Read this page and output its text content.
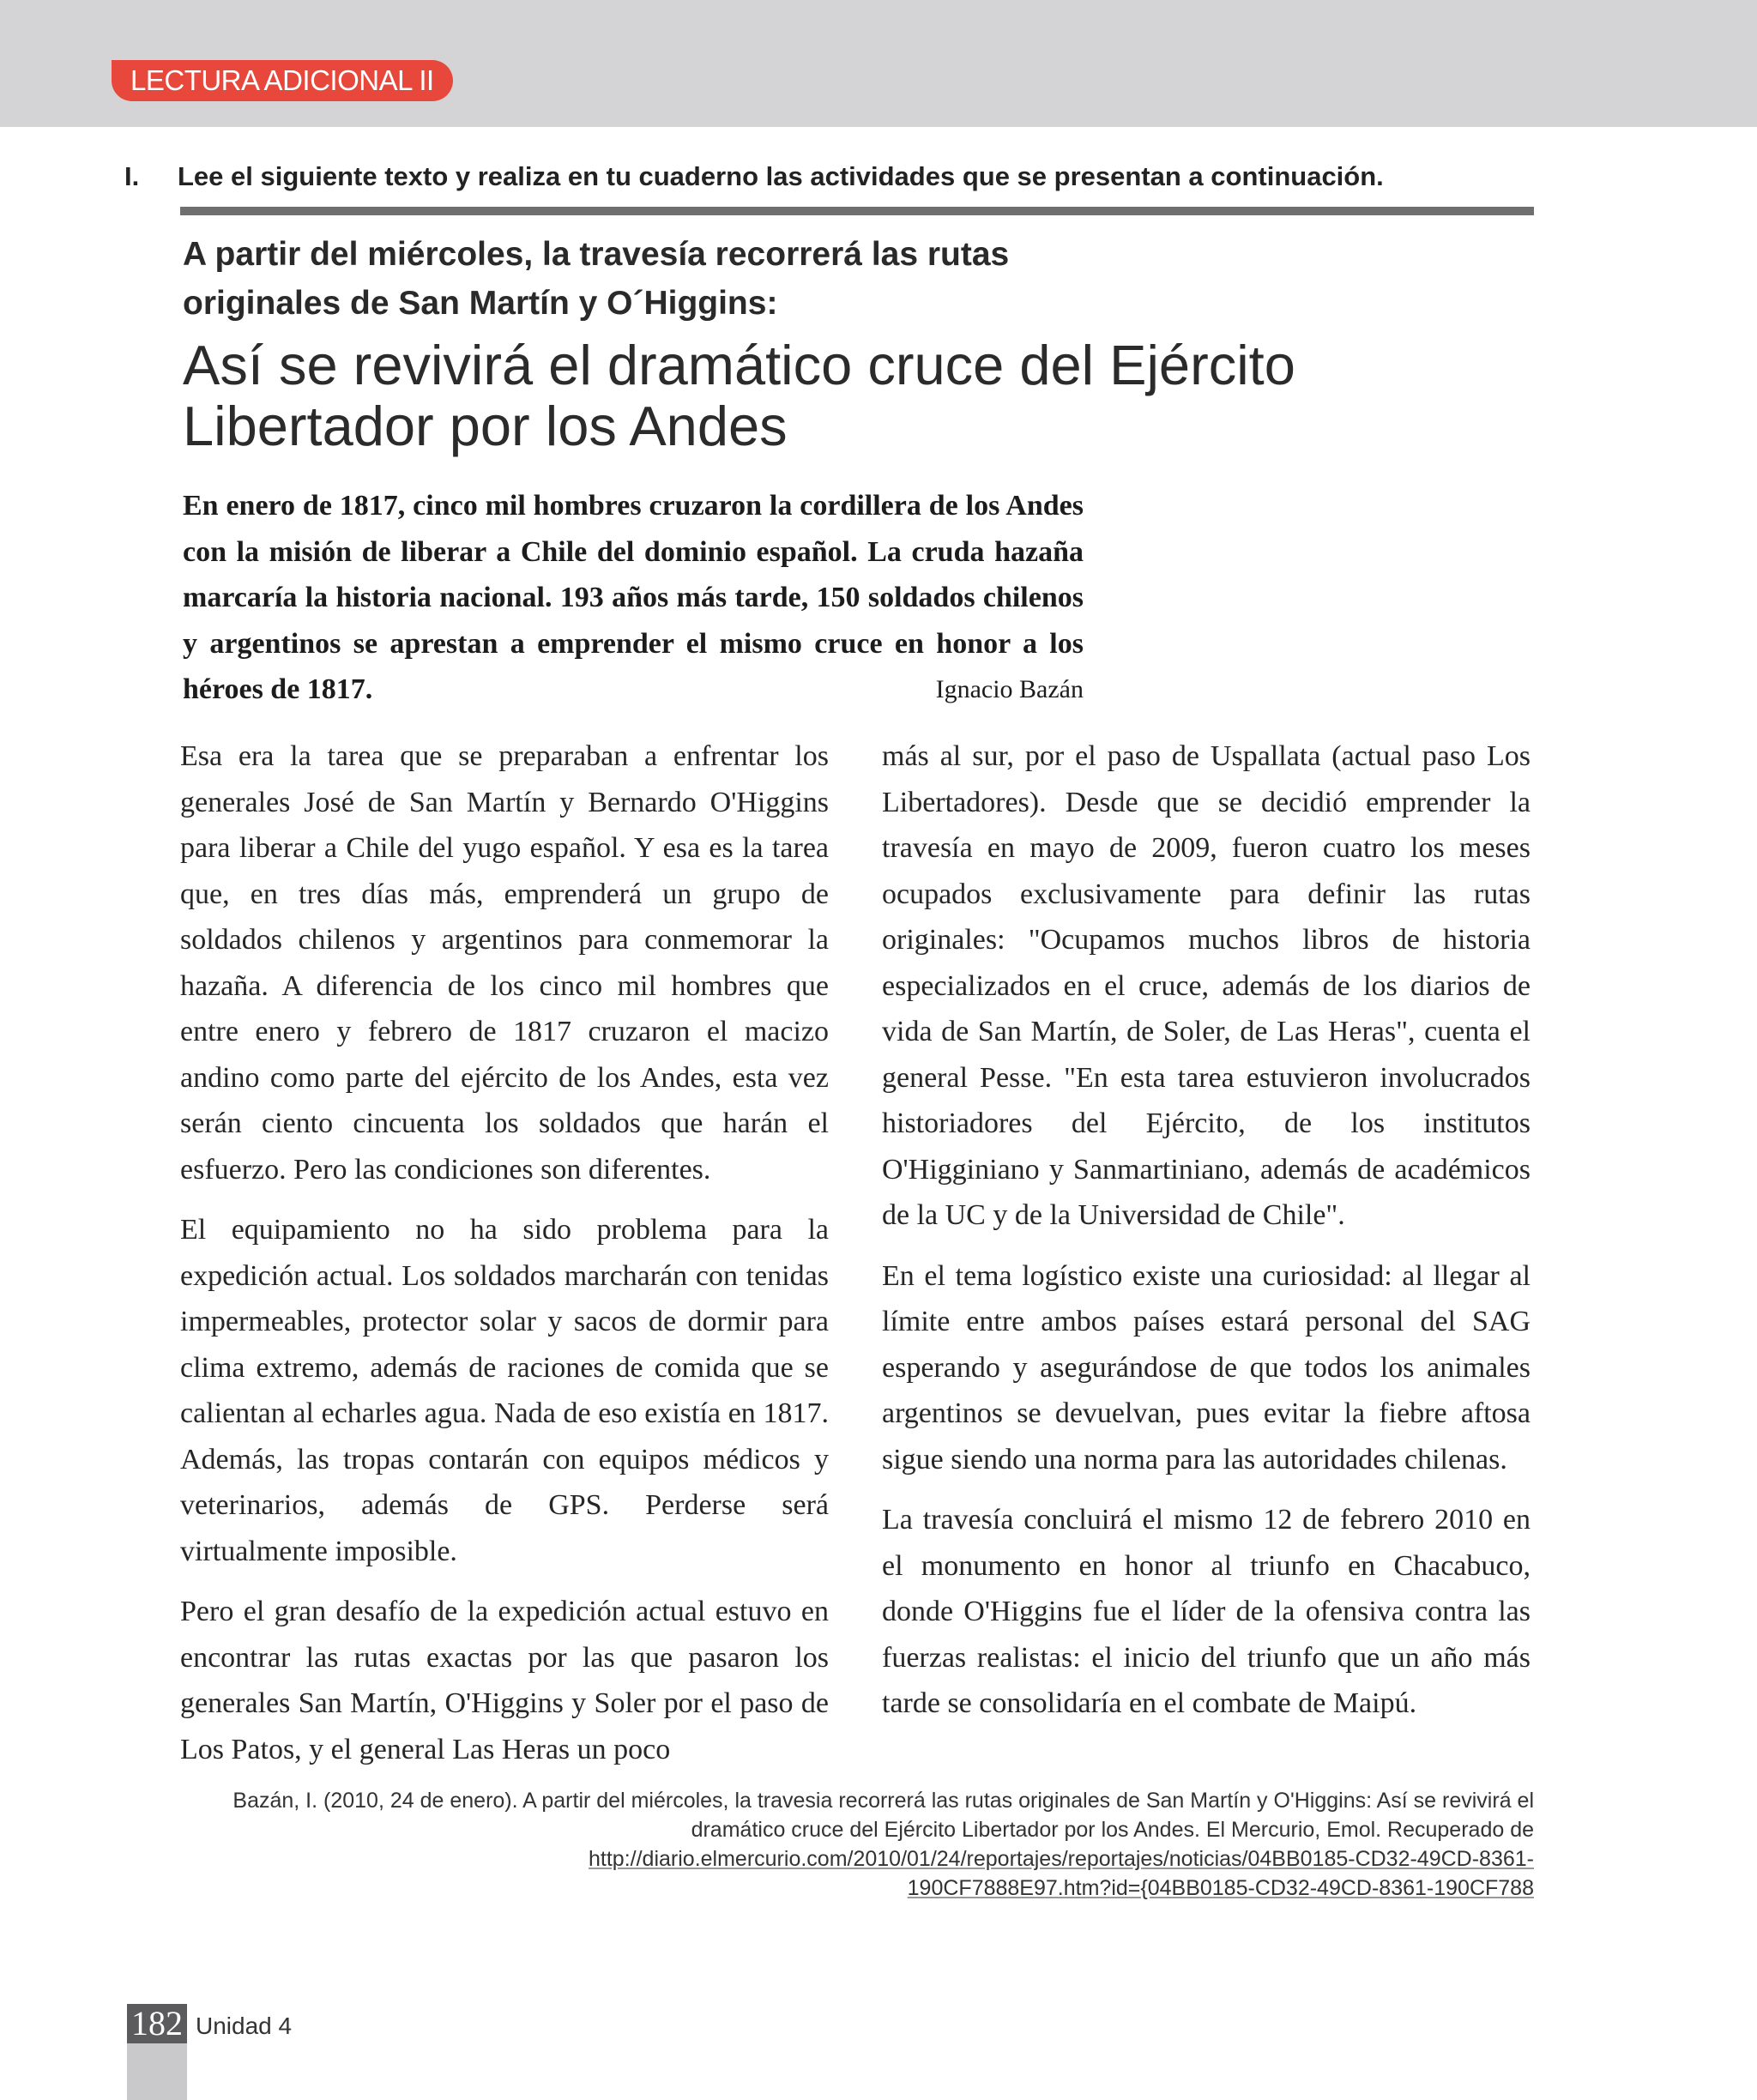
LECTURA ADICIONAL II
I. Lee el siguiente texto y realiza en tu cuaderno las actividades que se presentan a continuación.
A partir del miércoles, la travesía recorrerá las rutas originales de San Martín y O´Higgins:
Así se revivirá el dramático cruce del Ejército Libertador por los Andes
En enero de 1817, cinco mil hombres cruzaron la cordillera de los Andes con la misión de liberar a Chile del dominio español. La cruda hazaña marcaría la historia nacional. 193 años más tarde, 150 soldados chilenos y argentinos se aprestan a emprender el mismo cruce en honor a los héroes de 1817.	Ignacio Bazán

Esa era la tarea que se preparaban a enfrentar los generales José de San Martín y Bernardo O'Higgins para liberar a Chile del yugo español. Y esa es la tarea que, en tres días más, emprenderá un grupo de soldados chilenos y argentinos para conmemorar la hazaña. A diferencia de los cinco mil hombres que entre enero y febrero de 1817 cruzaron el macizo andino como parte del ejército de los Andes, esta vez serán ciento cincuenta los soldados que harán el esfuerzo. Pero las condiciones son diferentes.

El equipamiento no ha sido problema para la expedición actual. Los soldados marcharán con tenidas impermeables, protector solar y sacos de dormir para clima extremo, además de raciones de comida que se calientan al echarles agua. Nada de eso existía en 1817. Además, las tropas contarán con equipos médicos y veterinarios, además de GPS. Perderse será virtualmente imposible.

Pero el gran desafío de la expedición actual estuvo en encontrar las rutas exactas por las que pasaron los generales San Martín, O'Higgins y Soler por el paso de Los Patos, y el general Las Heras un poco

más al sur, por el paso de Uspallata (actual paso Los Libertadores). Desde que se decidió emprender la travesía en mayo de 2009, fueron cuatro los meses ocupados exclusivamente para definir las rutas originales: "Ocupamos muchos libros de historia especializados en el cruce, además de los diarios de vida de San Martín, de Soler, de Las Heras", cuenta el general Pesse. "En esta tarea estuvieron involucrados historiadores del Ejército, de los institutos O'Higginiano y Sanmartiniano, además de académicos de la UC y de la Universidad de Chile".

En el tema logístico existe una curiosidad: al llegar al límite entre ambos países estará personal del SAG esperando y asegurándose de que todos los animales argentinos se devuelvan, pues evitar la fiebre aftosa sigue siendo una norma para las autoridades chilenas.

La travesía concluirá el mismo 12 de febrero 2010 en el monumento en honor al triunfo en Chacabuco, donde O'Higgins fue el líder de la ofensiva contra las fuerzas realistas: el inicio del triunfo que un año más tarde se consolidaría en el combate de Maipú.

Bazán, I. (2010, 24 de enero). A partir del miércoles, la travesia recorrerá las rutas originales de San Martín y O'Higgins: Así se revivirá el dramático cruce del Ejército Libertador por los Andes. El Mercurio, Emol. Recuperado de
http://diario.elmercurio.com/2010/01/24/reportajes/reportajes/noticias/04BB0185-CD32-49CD-8361-
190CF7888E97.htm?id={04BB0185-CD32-49CD-8361-190CF788
182 Unidad 4
